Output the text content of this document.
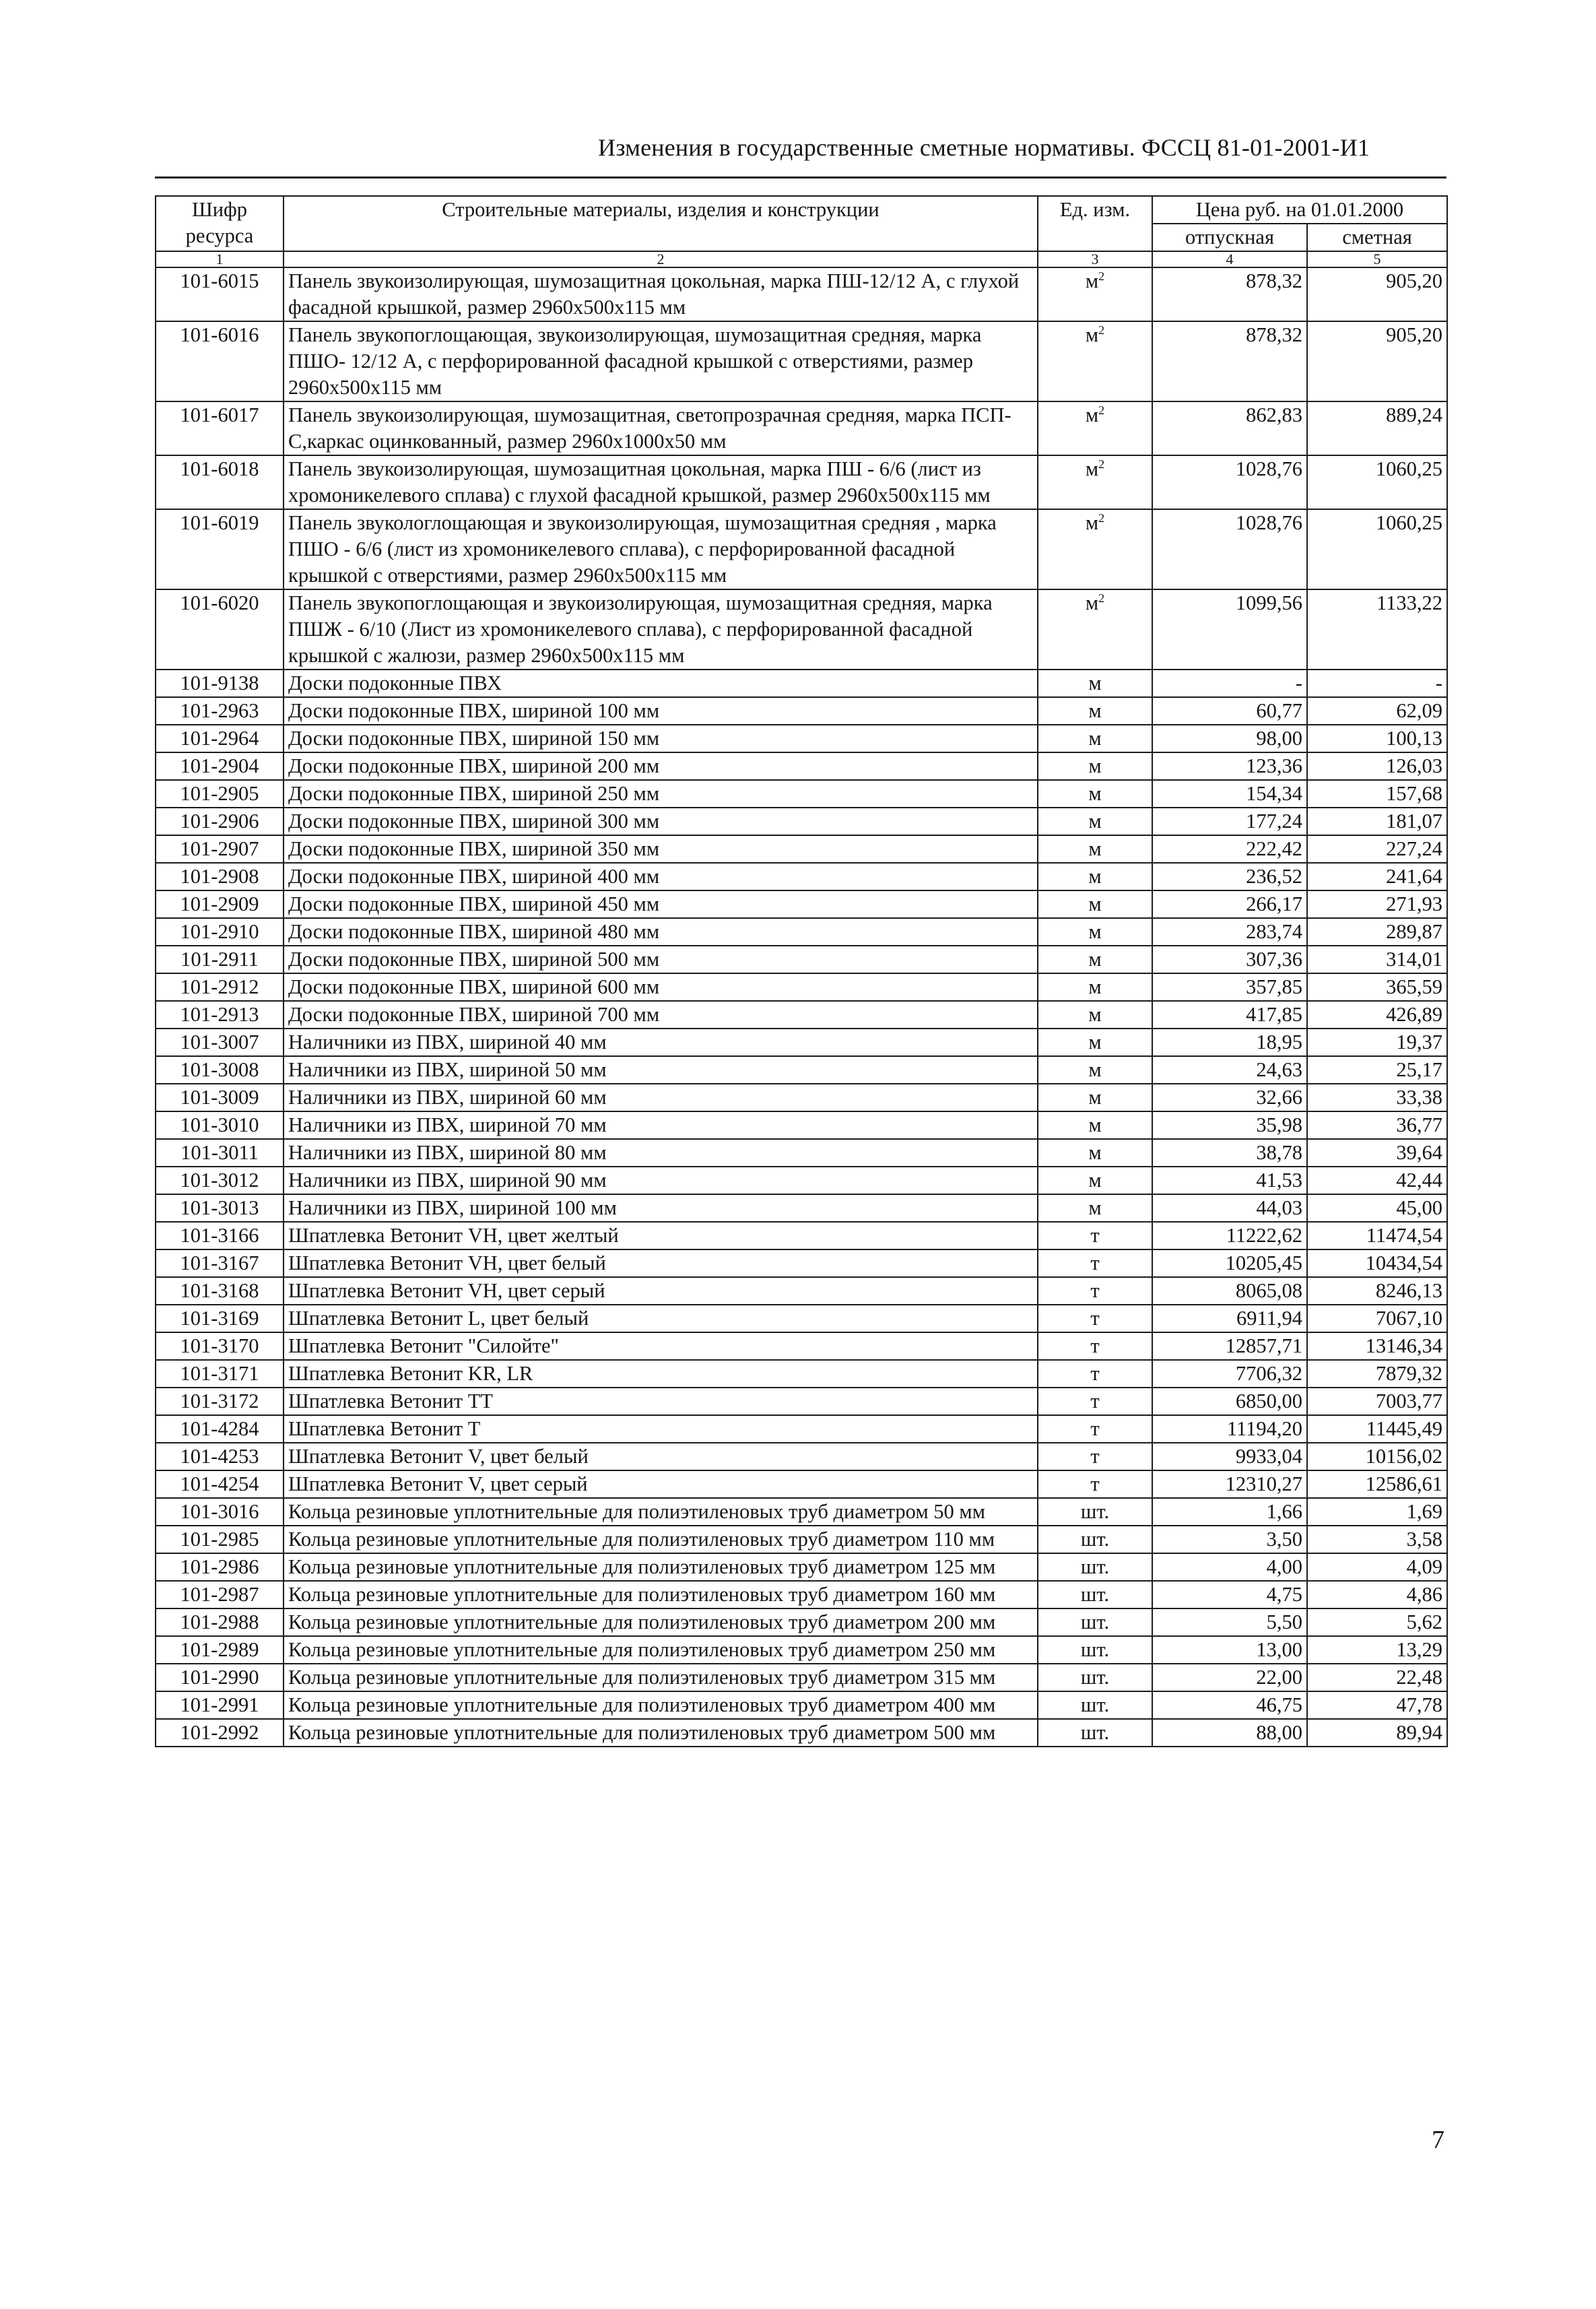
Изменения в государственные сметные нормативы. ФССЦ 81-01-2001-И1
Шифр ресурса	Строительные материалы, изделия и конструкции	Ед. изм.	Цена руб. на 01.01.2000	
			отпускная	сметная
1	2	3	4	5
101-6015	Панель звукоизолирующая, шумозащитная цокольная, марка ПШ-12/12 А, с глухой фасадной крышкой, размер 2960х500х115 мм	$м^2$	878,32	905,20
101-6016	Панель звукопоглощающая, звукоизолирующая, шумозащитная средняя, марка ПШО- 12/12 А, с перфорированной фасадной крышкой с отверстиями, размер 2960х500х115 мм	$м^2$	878,32	905,20
101-6017	Панель звукоизолирующая, шумозащитная, светопрозрачная средняя, марка ПСП-С,каркас оцинкованный, размер 2960х1000х50 мм	$м^2$	862,83	889,24
101-6018	Панель звукоизолирующая, шумозащитная цокольная, марка ПШ - 6/6 (лист из хромоникелевого сплава) с глухой фасадной крышкой, размер 2960х500х115 мм	$м^2$	1028,76	1060,25
101-6019	Панель звукологлощающая и звукоизолирующая, шумозащитная средняя , марка ПШО - 6/6 (лист из хромоникелевого сплава), с перфорированной фасадной крышкой с отверстиями, размер 2960х500х115 мм	$м^2$	1028,76	1060,25
101-6020	Панель звукопоглощающая и звукоизолирующая, шумозащитная средняя, марка ПШЖ - 6/10 (Лист из хромоникелевого сплава), с перфорированной фасадной крышкой с жалюзи, размер 2960х500х115 мм	$м^2$	1099,56	1133,22
101-9138	Доски подоконные ПВХ	м	-	-
101-2963	Доски подоконные ПВХ, шириной 100 мм	м	60,77	62,09
101-2964	Доски подоконные ПВХ, шириной 150 мм	м	98,00	100,13
101-2904	Доски подоконные ПВХ, шириной 200 мм	м	123,36	126,03
101-2905	Доски подоконные ПВХ, шириной 250 мм	м	154,34	157,68
101-2906	Доски подоконные ПВХ, шириной 300 мм	м	177,24	181,07
101-2907	Доски подоконные ПВХ, шириной 350 мм	м	222,42	227,24
101-2908	Доски подоконные ПВХ, шириной 400 мм	м	236,52	241,64
101-2909	Доски подоконные ПВХ, шириной 450 мм	м	266,17	271,93
101-2910	Доски подоконные ПВХ, шириной 480 мм	м	283,74	289,87
101-2911	Доски подоконные ПВХ, шириной 500 мм	м	307,36	314,01
101-2912	Доски подоконные ПВХ, шириной 600 мм	м	357,85	365,59
101-2913	Доски подоконные ПВХ, шириной 700 мм	м	417,85	426,89
101-3007	Наличники из ПВХ, шириной 40 мм	м	18,95	19,37
101-3008	Наличники из ПВХ, шириной 50 мм	м	24,63	25,17
101-3009	Наличники из ПВХ, шириной 60 мм	м	32,66	33,38
101-3010	Наличники из ПВХ, шириной 70 мм	м	35,98	36,77
101-3011	Наличники из ПВХ, шириной 80 мм	м	38,78	39,64
101-3012	Наличники из ПВХ, шириной 90 мм	м	41,53	42,44
101-3013	Наличники из ПВХ, шириной 100 мм	м	44,03	45,00
101-3166	Шпатлевка Ветонит VH, цвет желтый	т	11222,62	11474,54
101-3167	Шпатлевка Ветонит VH, цвет белый	т	10205,45	10434,54
101-3168	Шпатлевка Ветонит VH, цвет серый	т	8065,08	8246,13
101-3169	Шпатлевка Ветонит L, цвет белый	т	6911,94	7067,10
101-3170	Шпатлевка Ветонит "Силойте"	т	12857,71	13146,34
101-3171	Шпатлевка Ветонит KR, LR	т	7706,32	7879,32
101-3172	Шпатлевка Ветонит ТТ	т	6850,00	7003,77
101-4284	Шпатлевка Ветонит Т	т	11194,20	11445,49
101-4253	Шпатлевка Ветонит V, цвет белый	т	9933,04	10156,02
101-4254	Шпатлевка Ветонит V, цвет серый	т	12310,27	12586,61
101-3016	Кольца резиновые уплотнительные для полиэтиленовых труб диаметром 50 мм	шт.	1,66	1,69
101-2985	Кольца резиновые уплотнительные для полиэтиленовых труб диаметром 110 мм	шт.	3,50	3,58
101-2986	Кольца резиновые уплотнительные для полиэтиленовых труб диаметром 125 мм	шт.	4,00	4,09
101-2987	Кольца резиновые уплотнительные для полиэтиленовых труб диаметром 160 мм	шт.	4,75	4,86
101-2988	Кольца резиновые уплотнительные для полиэтиленовых труб диаметром 200 мм	шт.	5,50	5,62
101-2989	Кольца резиновые уплотнительные для полиэтиленовых труб диаметром 250 мм	шт.	13,00	13,29
101-2990	Кольца резиновые уплотнительные для полиэтиленовых труб диаметром 315 мм	шт.	22,00	22,48
101-2991	Кольца резиновые уплотнительные для полиэтиленовых труб диаметром 400 мм	шт.	46,75	47,78
101-2992	Кольца резиновые уплотнительные для полиэтиленовых труб диаметром 500 мм	шт.	88,00	89,94
7
